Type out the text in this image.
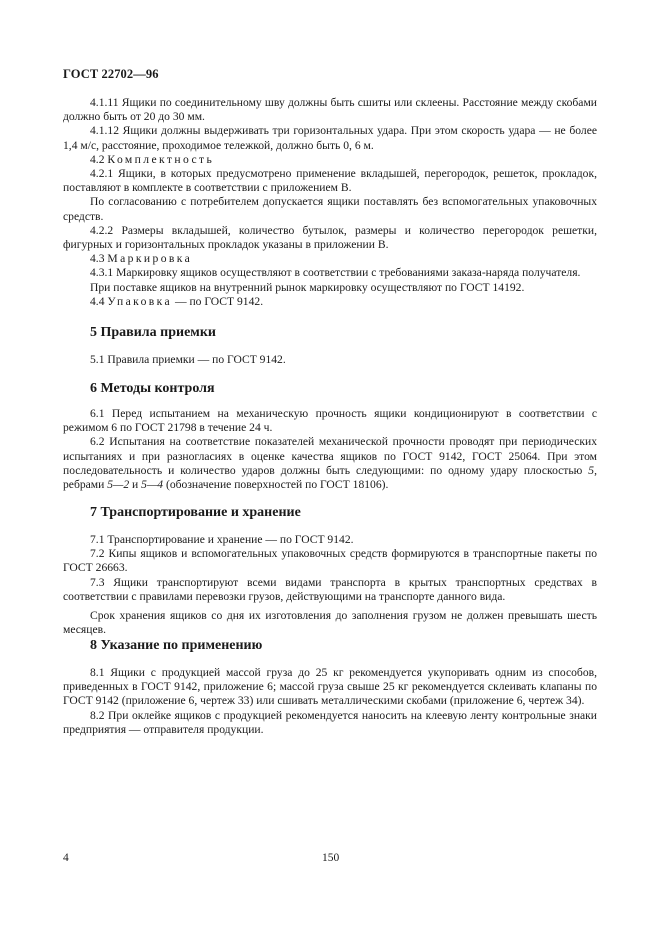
ГОСТ 22702—96

4.1.11 Ящики по соединительному шву должны быть сшиты или склеены. Расстояние между скобами должно быть от 20 до 30 мм.

4.1.12 Ящики должны выдерживать три горизонтальных удара. При этом скорость удара — не более 1,4 м/с, расстояние, проходимое тележкой, должно быть 0, 6 м.

4.2 Комплектность

4.2.1 Ящики, в которых предусмотрено применение вкладышей, перегородок, решеток, прокладок, поставляют в комплекте в соответствии с приложением В.

По согласованию с потребителем допускается ящики поставлять без вспомогательных упаковочных средств.

4.2.2 Размеры вкладышей, количество бутылок, размеры и количество перегородок решетки, фигурных и горизонтальных прокладок указаны в приложении В.

4.3 Маркировка

4.3.1 Маркировку ящиков осуществляют в соответствии с требованиями заказа-наряда получателя.

При поставке ящиков на внутренний рынок маркировку осуществляют по ГОСТ 14192.

4.4 Упаковка — по ГОСТ 9142.

5 Правила приемки

5.1 Правила приемки — по ГОСТ 9142.

6 Методы контроля

6.1 Перед испытанием на механическую прочность ящики кондиционируют в соответствии с режимом 6 по ГОСТ 21798 в течение 24 ч.

6.2 Испытания на соответствие показателей механической прочности проводят при периодических испытаниях и при разногласиях в оценке качества ящиков по ГОСТ 9142, ГОСТ 25064. При этом последовательность и количество ударов должны быть следующими: по одному удару плоскостью 5, ребрами 5—2 и 5—4 (обозначение поверхностей по ГОСТ 18106).

7 Транспортирование и хранение

7.1 Транспортирование и хранение — по ГОСТ 9142.

7.2 Кипы ящиков и вспомогательных упаковочных средств формируются в транспортные пакеты по ГОСТ 26663.

7.3 Ящики транспортируют всеми видами транспорта в крытых транспортных средствах в соответствии с правилами перевозки грузов, действующими на транспорте данного вида.

Срок хранения ящиков со дня их изготовления до заполнения грузом не должен превышать шесть месяцев.

8 Указание по применению

8.1 Ящики с продукцией массой груза до 25 кг рекомендуется укупоривать одним из способов, приведенных в ГОСТ 9142, приложение 6; массой груза свыше 25 кг рекомендуется склеивать клапаны по ГОСТ 9142 (приложение 6, чертеж 33) или сшивать металлическими скобами (приложение 6, чертеж 34).

8.2 При оклейке ящиков с продукцией рекомендуется наносить на клеевую ленту контрольные знаки предприятия — отправителя продукции.

4	150
